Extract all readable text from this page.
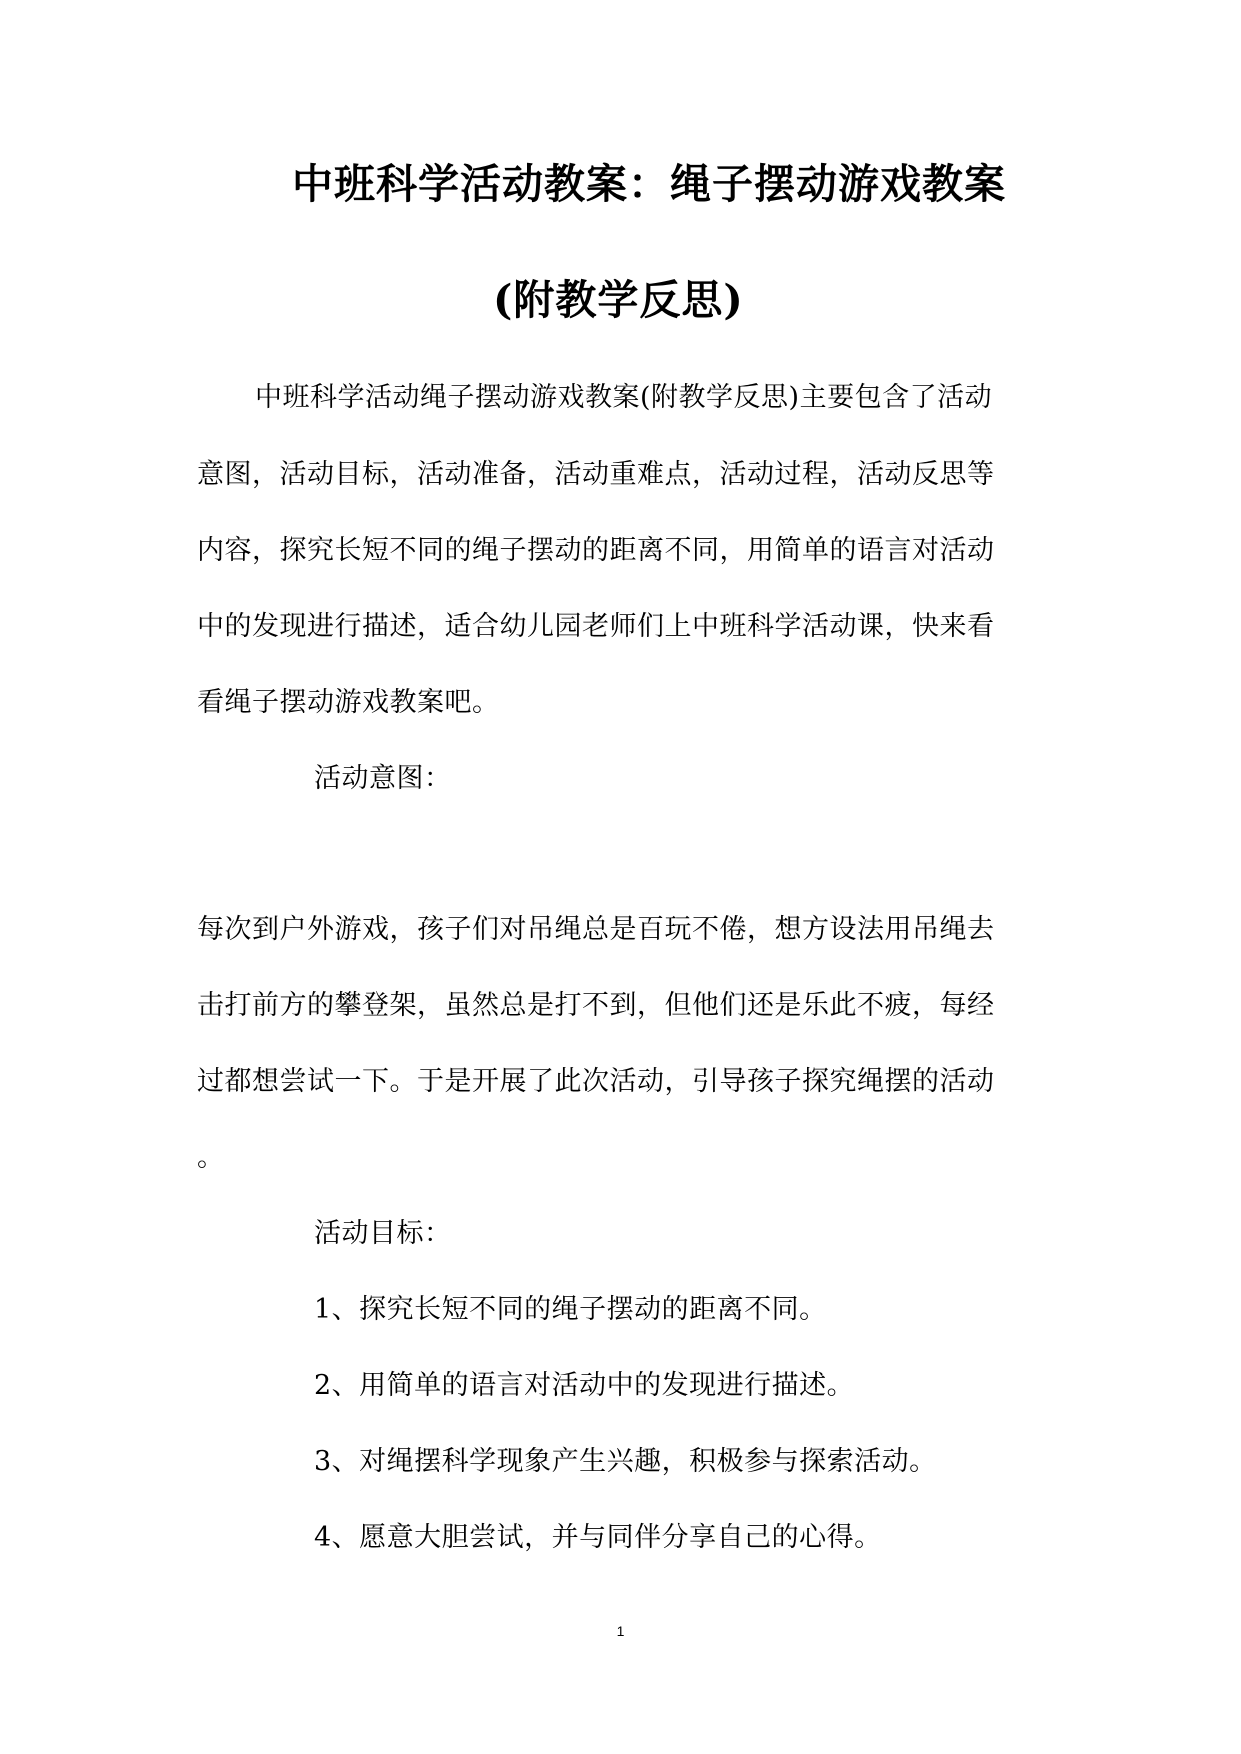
中班科学活动教案：绳子摆动游戏教案
(附教学反思)
中班科学活动绳子摆动游戏教案(附教学反思)主要包含了活动
意图，活动目标，活动准备，活动重难点，活动过程，活动反思等
内容，探究长短不同的绳子摆动的距离不同，用简单的语言对活动
中的发现进行描述，适合幼儿园老师们上中班科学活动课，快来看
看绳子摆动游戏教案吧。
活动意图：
每次到户外游戏，孩子们对吊绳总是百玩不倦，想方设法用吊绳去
击打前方的攀登架，虽然总是打不到，但他们还是乐此不疲，每经
过都想尝试一下。于是开展了此次活动，引导孩子探究绳摆的活动
。
活动目标：
1、探究长短不同的绳子摆动的距离不同。
2、用简单的语言对活动中的发现进行描述。
3、对绳摆科学现象产生兴趣，积极参与探索活动。
4、愿意大胆尝试，并与同伴分享自己的心得。
1
